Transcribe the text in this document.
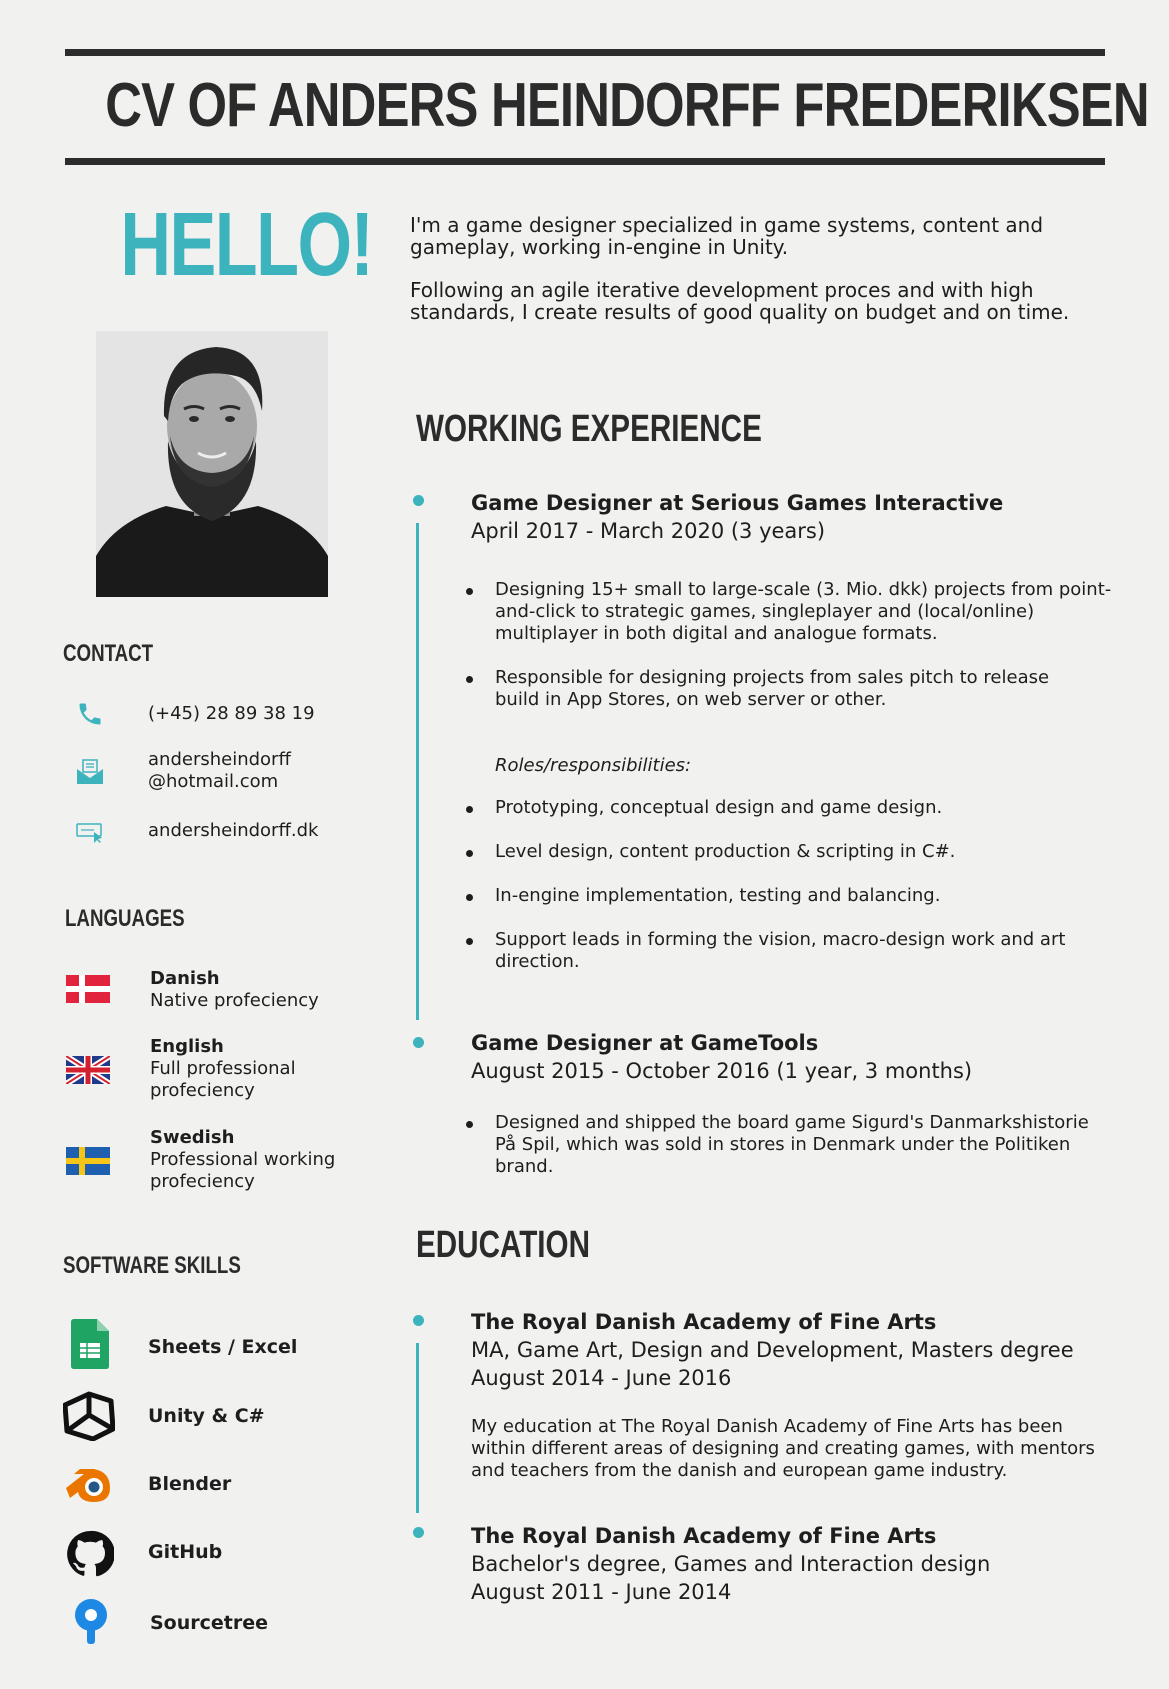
CV OF ANDERS HEINDORFF FREDERIKSEN
HELLO!
CONTACT
(+45) 28 89 38 19
andersheindorff
@hotmail.com
andersheindorff.dk
LANGUAGES
Danish
Native profeciency
English
Full professional profeciency
Swedish
Professional working profeciency
SOFTWARE SKILLS
Sheets / Excel
Unity & C#
Blender
GitHub
Sourcetree
I'm a game designer specialized in game systems, content and gameplay, working in-engine in Unity.
Following an agile iterative development proces and with high standards, I create results of good quality on budget and on time.
WORKING EXPERIENCE
Game Designer at Serious Games Interactive
April 2017 - March 2020 (3 years)
Designing 15+ small to large-scale (3. Mio. dkk) projects from point-and-click to strategic games, singleplayer and (local/online) multiplayer in both digital and analogue formats.
Responsible for designing projects from sales pitch to release build in App Stores, on web server or other.
Roles/responsibilities:
Prototyping, conceptual design and game design.
Level design, content production & scripting in C#.
In-engine implementation, testing and balancing.
Support leads in forming the vision, macro-design work and art direction.
Game Designer at GameTools
August 2015 - October 2016 (1 year, 3 months)
Designed and shipped the board game Sigurd's Danmarkshistorie På Spil, which was sold in stores in Denmark under the Politiken brand.
EDUCATION
The Royal Danish Academy of Fine Arts
MA, Game Art, Design and Development, Masters degree
August 2014 - June 2016
My education at The Royal Danish Academy of Fine Arts has been within different areas of designing and creating games, with mentors and teachers from the danish and european game industry.
The Royal Danish Academy of Fine Arts
Bachelor's degree, Games and Interaction design
August 2011 - June 2014
